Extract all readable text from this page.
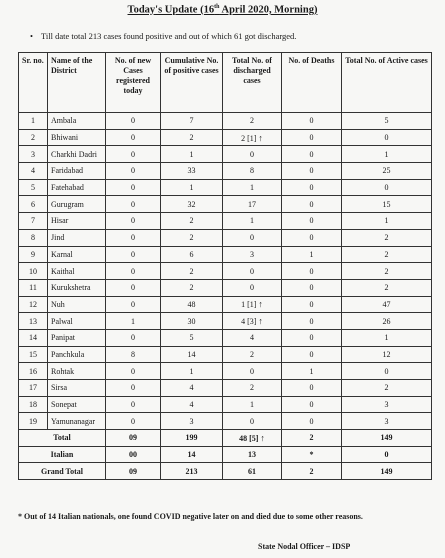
Today's Update (16th April 2020, Morning)
• Till date total 213 cases found positive and out of which 61 got discharged.
Sr. no.	Name of the District	No. of new Cases registered today	Cumulative No. of positive cases	Total No. of discharged cases	No. of Deaths	Total No. of Active cases
1	Ambala	0	7	2	0	5
2	Bhiwani	0	2	2 [1] ↑	0	0
3	Charkhi Dadri	0	1	0	0	1
4	Faridabad	0	33	8	0	25
5	Fatehabad	0	1	1	0	0
6	Gurugram	0	32	17	0	15
7	Hisar	0	2	1	0	1
8	Jind	0	2	0	0	2
9	Karnal	0	6	3	1	2
10	Kaithal	0	2	0	0	2
11	Kurukshetra	0	2	0	0	2
12	Nuh	0	48	1 [1] ↑	0	47
13	Palwal	1	30	4 [3] ↑	0	26
14	Panipat	0	5	4	0	1
15	Panchkula	8	14	2	0	12
16	Rohtak	0	1	0	1	0
17	Sirsa	0	4	2	0	2
18	Sonepat	0	4	1	0	3
19	Yamunanagar	0	3	0	0	3
Total		09	199	48 [5] ↑	2	149
Italian		00	14	13	*	0
Grand Total		09	213	61	2	149
* Out of 14 Italian nationals, one found COVID negative later on and died due to some other reasons.
State Nodal Officer – IDSP
